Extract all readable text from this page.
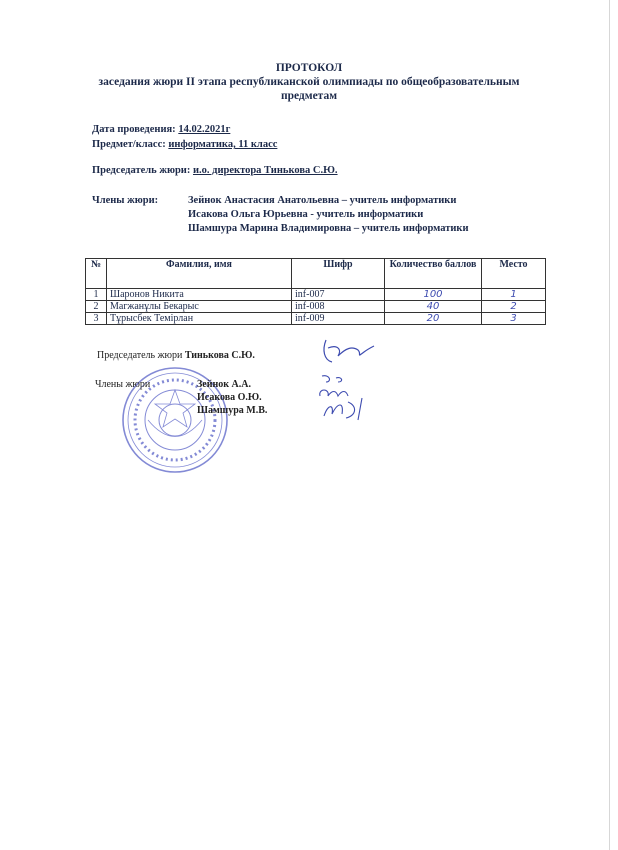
ПРОТОКОЛ
заседания жюри II этапа республиканской олимпиады по общеобразовательным
предметам
Дата проведения: 14.02.2021г
Предмет/класс: информатика, 11 класс
Председатель жюри: и.о. директора Тинькова С.Ю.
Члены жюри:	Зейнок Анастасия Анатольевна – учитель информатики
Исакова Ольга Юрьевна - учитель информатики
Шамшура Марина Владимировна – учитель информатики
№	Фамилия, имя	Шифр	Количество баллов	Место
1	Шаронов Никита	inf-007	100	1
2	Магжанұлы Бекарыс	inf-008	40	2
3	Тұрысбек Темірлан	inf-009	20	3
Председатель жюри Тинькова С.Ю.
Члены жюри	Зейнок А.А.
Исакова О.Ю.
Шамшура М.В.
